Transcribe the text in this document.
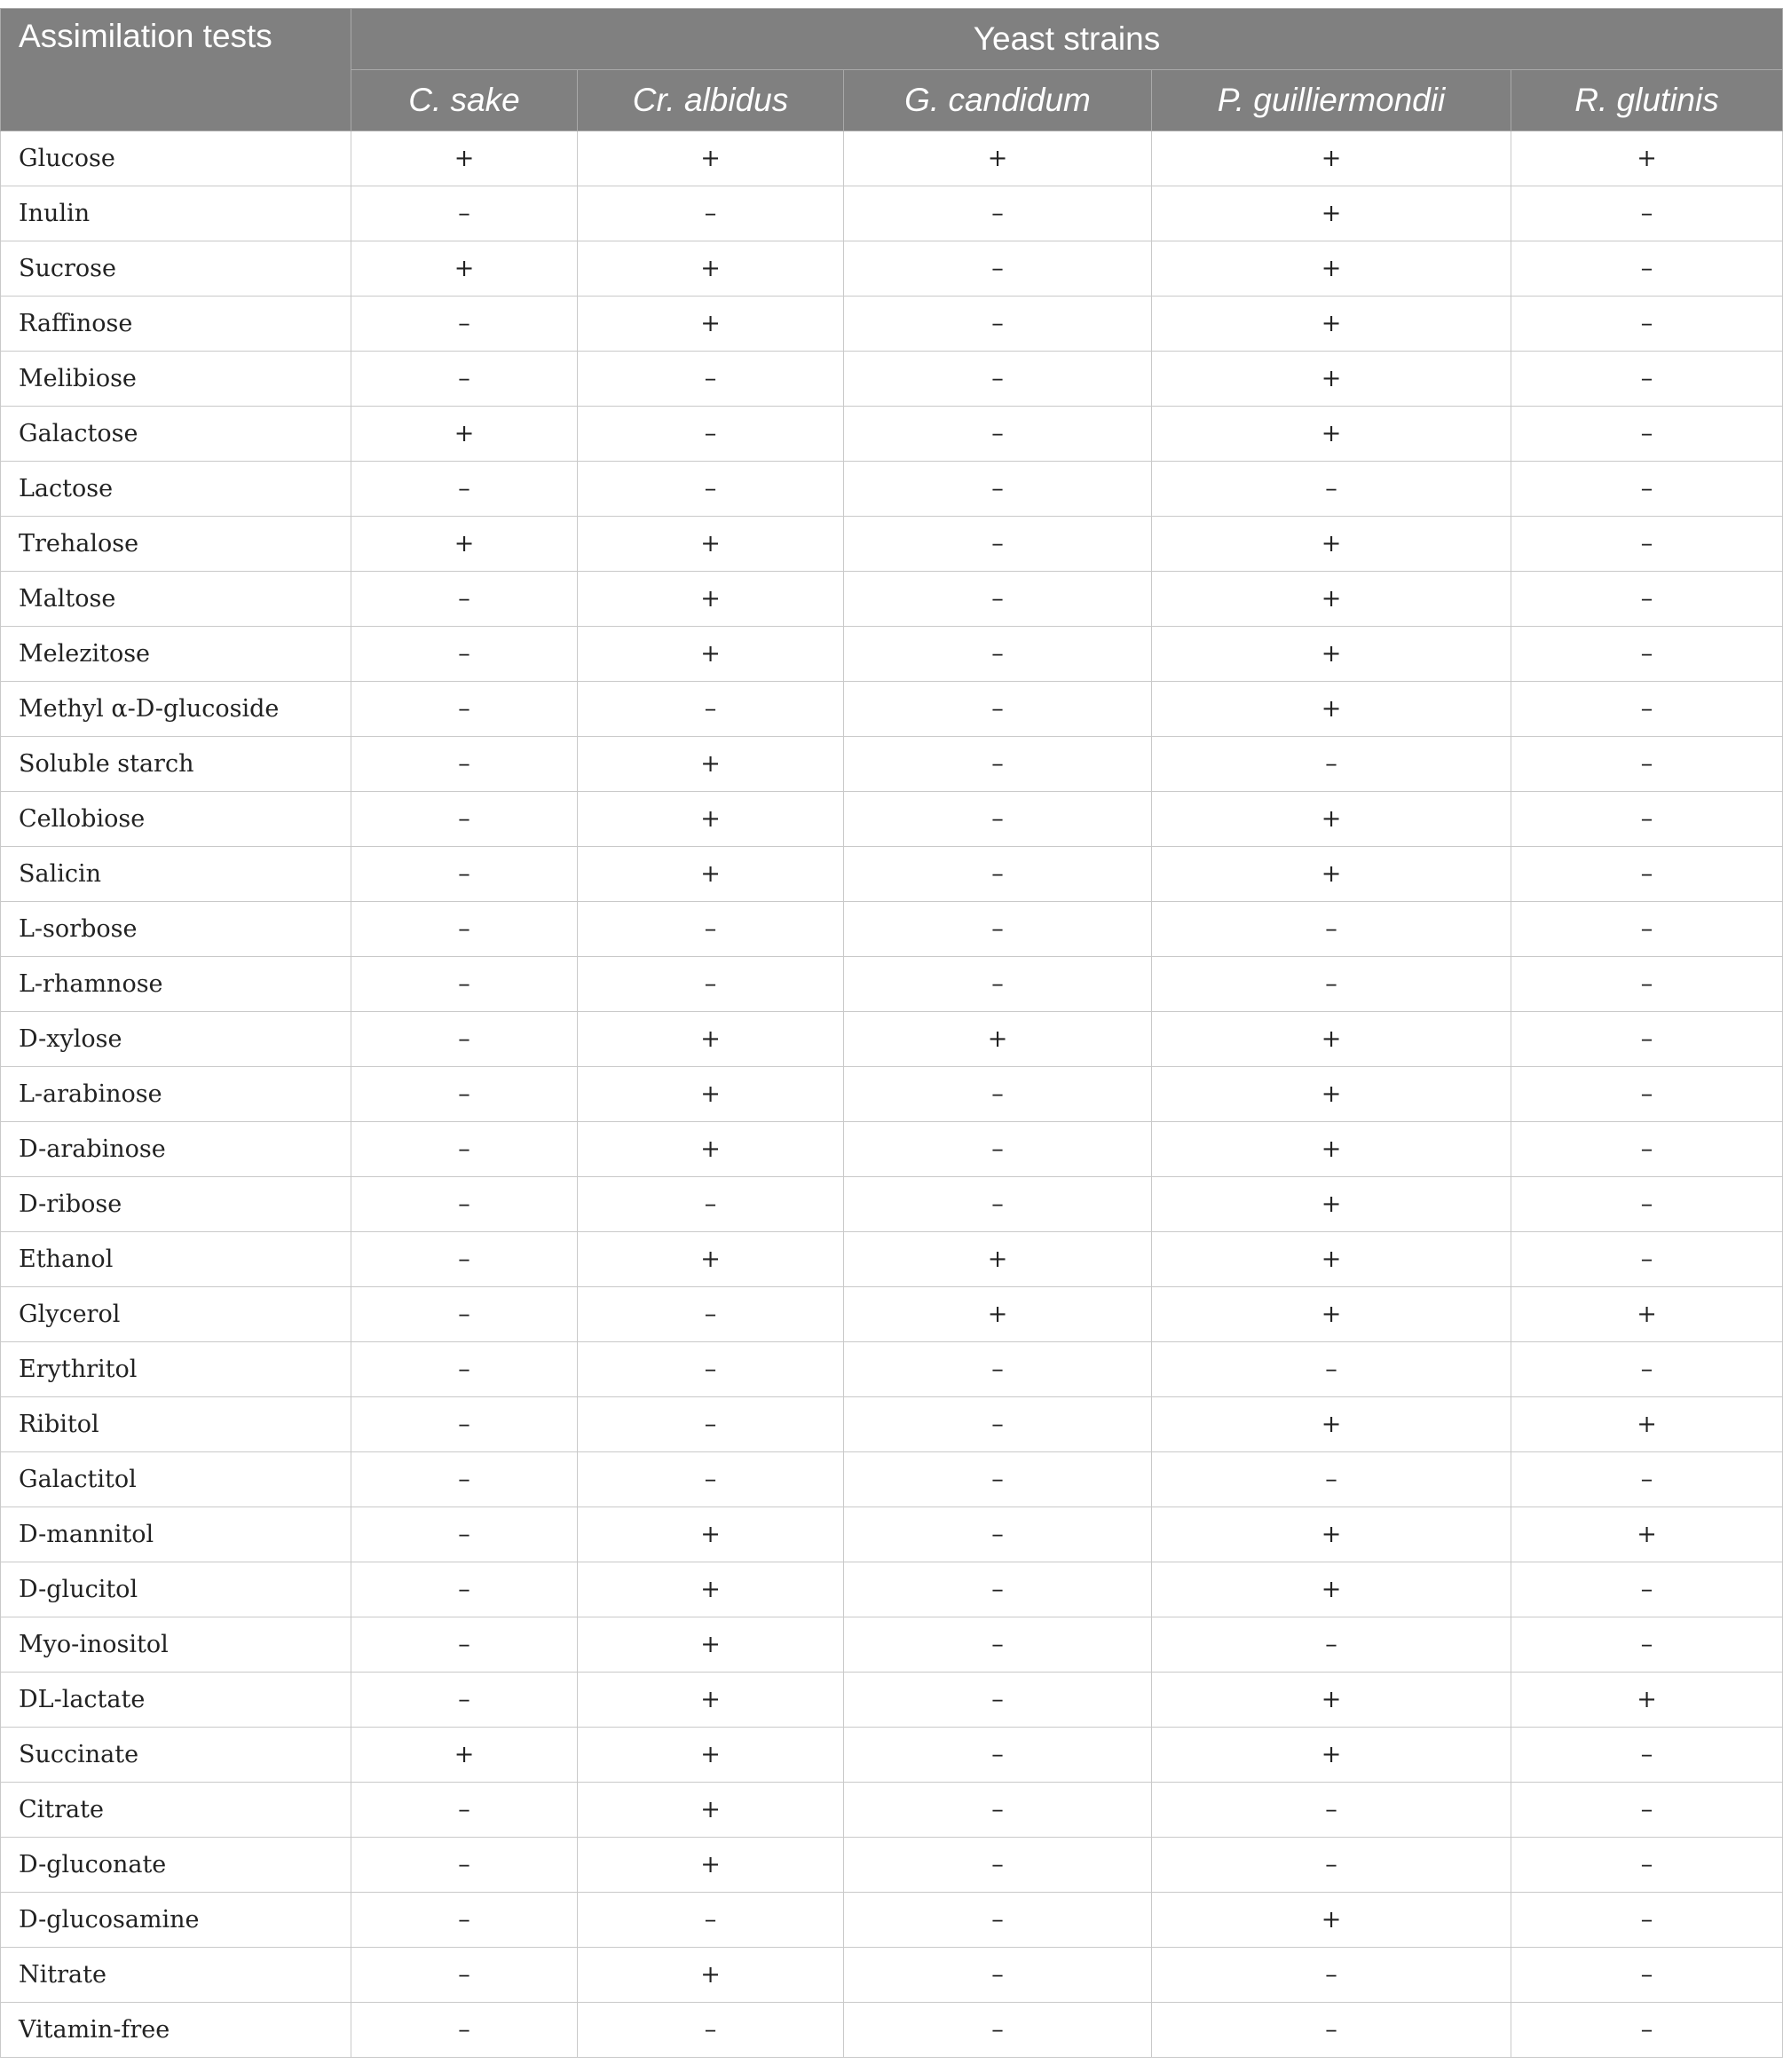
Assimilation tests	Yeast strains				
	C. sake	Cr. albidus	G. candidum	P. guilliermondii	R. glutinis
Glucose	+	+	+	+	+
Inulin	–	–	–	+	–
Sucrose	+	+	–	+	–
Raffinose	–	+	–	+	–
Melibiose	–	–	–	+	–
Galactose	+	–	–	+	–
Lactose	–	–	–	–	–
Trehalose	+	+	–	+	–
Maltose	–	+	–	+	–
Melezitose	–	+	–	+	–
Methyl α-D-glucoside	–	–	–	+	–
Soluble starch	–	+	–	–	–
Cellobiose	–	+	–	+	–
Salicin	–	+	–	+	–
L-sorbose	–	–	–	–	–
L-rhamnose	–	–	–	–	–
D-xylose	–	+	+	+	–
L-arabinose	–	+	–	+	–
D-arabinose	–	+	–	+	–
D-ribose	–	–	–	+	–
Ethanol	–	+	+	+	–
Glycerol	–	–	+	+	+
Erythritol	–	–	–	–	–
Ribitol	–	–	–	+	+
Galactitol	–	–	–	–	–
D-mannitol	–	+	–	+	+
D-glucitol	–	+	–	+	–
Myo-inositol	–	+	–	–	–
DL-lactate	–	+	–	+	+
Succinate	+	+	–	+	–
Citrate	–	+	–	–	–
D-gluconate	–	+	–	–	–
D-glucosamine	–	–	–	+	–
Nitrate	–	+	–	–	–
Vitamin-free	–	–	–	–	–
